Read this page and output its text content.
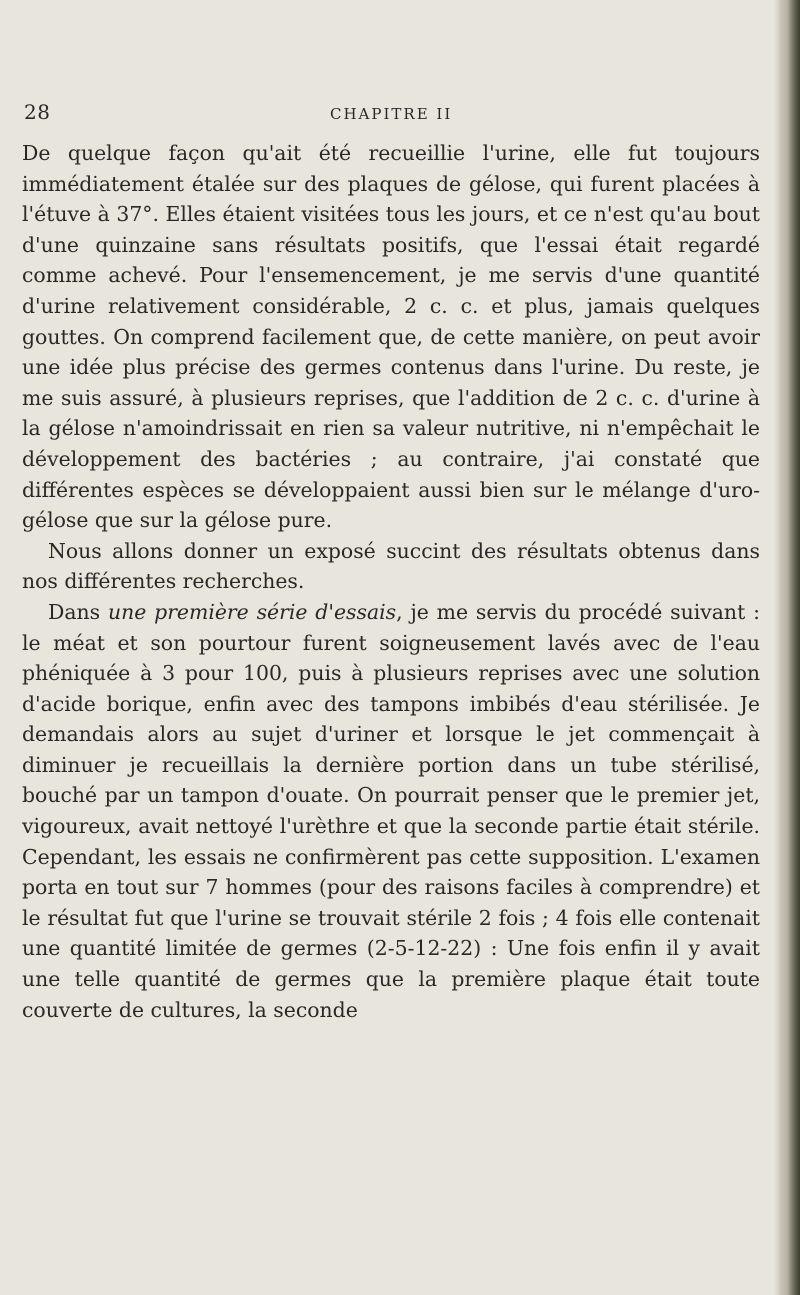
28	CHAPITRE II

De quelque façon qu'ait été recueillie l'urine, elle fut toujours immédiatement étalée sur des plaques de gélose, qui furent placées à l'étuve à 37°. Elles étaient visitées tous les jours, et ce n'est qu'au bout d'une quinzaine sans résultats positifs, que l'essai était regardé comme achevé. Pour l'ensemencement, je me servis d'une quantité d'urine relativement considérable, 2 c. c. et plus, jamais quelques gouttes. On comprend facilement que, de cette manière, on peut avoir une idée plus précise des germes contenus dans l'urine. Du reste, je me suis assuré, à plusieurs reprises, que l'addition de 2 c. c. d'urine à la gélose n'amoindrissait en rien sa valeur nutritive, ni n'empêchait le développement des bactéries ; au contraire, j'ai constaté que différentes espèces se développaient aussi bien sur le mélange d'uro-gélose que sur la gélose pure.

Nous allons donner un exposé succint des résultats obtenus dans nos différentes recherches.

Dans une première série d'essais, je me servis du procédé suivant : le méat et son pourtour furent soigneusement lavés avec de l'eau phéniquée à 3 pour 100, puis à plusieurs reprises avec une solution d'acide borique, enfin avec des tampons imbibés d'eau stérilisée. Je demandais alors au sujet d'uriner et lorsque le jet commençait à diminuer je recueillais la dernière portion dans un tube stérilisé, bouché par un tampon d'ouate. On pourrait penser que le premier jet, vigoureux, avait nettoyé l'urèthre et que la seconde partie était stérile. Cependant, les essais ne confirmèrent pas cette supposition. L'examen porta en tout sur 7 hommes (pour des raisons faciles à comprendre) et le résultat fut que l'urine se trouvait stérile 2 fois ; 4 fois elle contenait une quantité limitée de germes (2-5-12-22) : Une fois enfin il y avait une telle quantité de germes que la première plaque était toute couverte de cultures, la seconde
